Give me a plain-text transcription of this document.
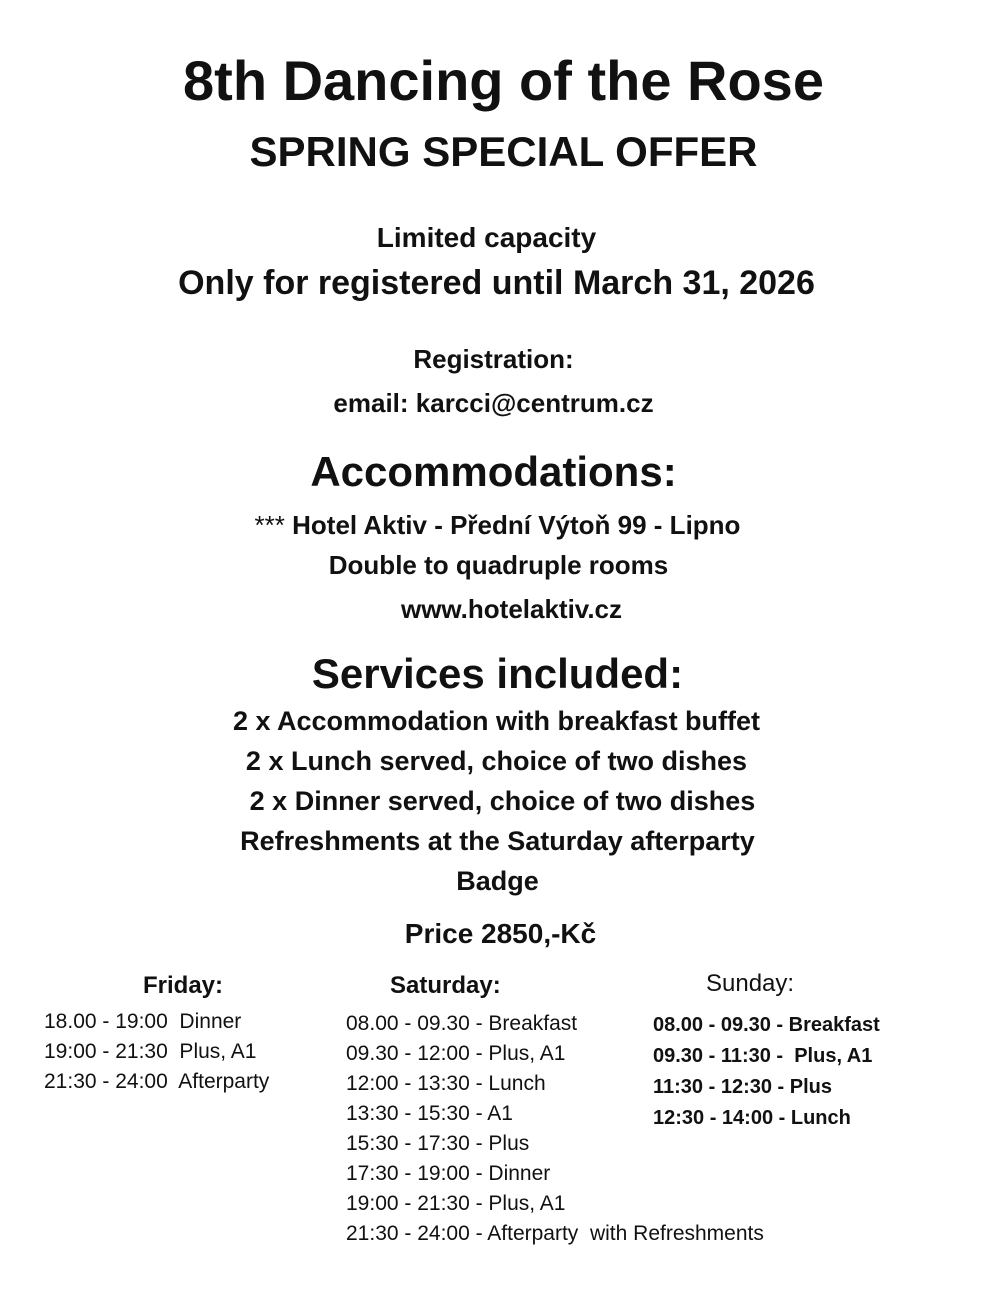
8th Dancing of the Rose
SPRING SPECIAL OFFER
Limited capacity
Only for registered until March 31, 2026
Registration:
email: karcci@centrum.cz
Accommodations:
*** Hotel Aktiv - Přední Výtoň 99 - Lipno
Double to quadruple rooms
www.hotelaktiv.cz
Services included:
2 x Accommodation with breakfast buffet
2 x Lunch served, choice of two dishes
2 x Dinner served, choice of two dishes
Refreshments at the Saturday afterparty
Badge
Price 2850,-Kč
Friday:	Saturday:	Sunday:
18.00 - 19:00  Dinner
19:00 - 21:30  Plus, A1
21:30 - 24:00  Afterparty
08.00 - 09.30 - Breakfast
09.30 - 12:00 - Plus, A1
12:00 - 13:30 - Lunch
13:30 - 15:30 - A1
15:30 - 17:30 - Plus
17:30 - 19:00 - Dinner
19:00 - 21:30 - Plus, A1
21:30 - 24:00 - Afterparty  with Refreshments
08.00 - 09.30 - Breakfast
09.30 - 11:30 -  Plus, A1
11:30 - 12:30 - Plus
12:30 - 14:00 - Lunch
